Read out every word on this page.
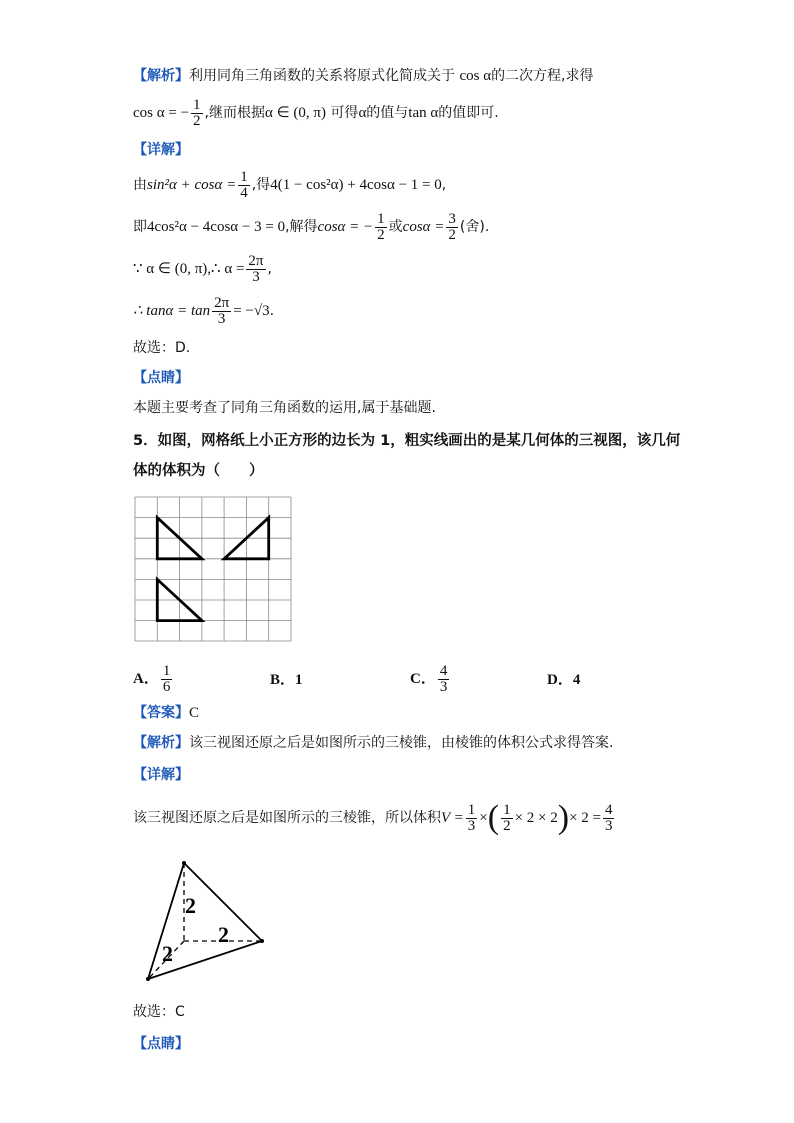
【解析】利用同角三角函数的关系将原式化简成关于 cos α的二次方程,求得
cos α = − $\frac{1}{2}$ ,继而根据α ∈ (0, π) 可得α的值与tan α的值即可.
【详解】
由$\sin^2\alpha + \cos\alpha = \frac{1}{4}$ ,得4(1 − cos²α) + 4cosα − 1 = 0,
即4cos²α − 4cosα − 3 = 0,解得cosα = − $\frac{1}{2}$ 或$\cos\alpha = \frac{3}{2}$ (舍).
∵ α ∈ (0, π),∴ $\alpha = \frac{2\pi}{3}$ ,
∴ $\tan\alpha = \tan \frac{2\pi}{3} = -√3$.
故选：D.
【点睛】
本题主要考查了同角三角函数的运用,属于基础题.
5．如图，网格纸上小正方形的边长为 1，粗实线画出的是某几何体的三视图，该几何
体的体积为（　　）
A． $\frac{1}{6}$	B．1	C． $\frac{4}{3}$	D．4
【答案】C
【解析】该三视图还原之后是如图所示的三棱锥，由棱锥的体积公式求得答案.
【详解】
该三视图还原之后是如图所示的三棱锥，所以体积$V = \frac{1}{3}$ ×( $\frac{1}{2} \times 2 \times 2)\times 2 = \frac{4}{3}$
2
2
2
故选：C
【点睛】
